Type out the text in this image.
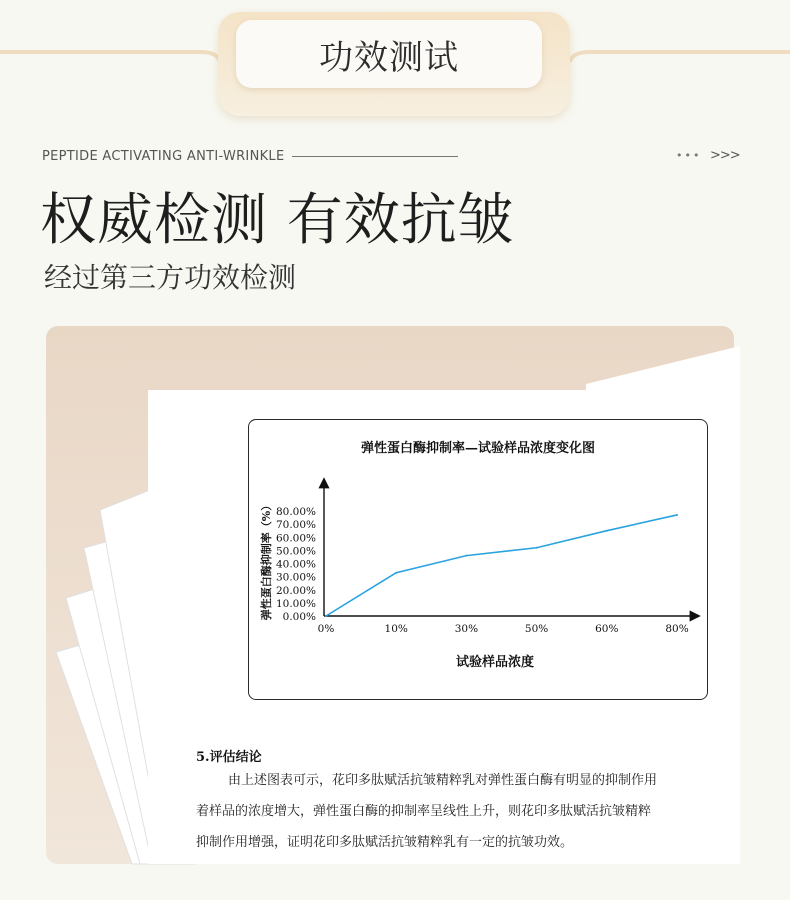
功效测试
PEPTIDE ACTIVATING ANTI-WRINKLE	••• >>>
权威检测 有效抗皱
经过第三方功效检测
弹性蛋白酶抑制率—试验样品浓度变化图
0.00%
10.00%
20.00%
30.00%
40.00%
50.00%
60.00%
70.00%
80.00%
0%	10%	30%	50%	60%	80%
弹性蛋白酶抑制率（%）
试验样品浓度
5.评估结论
由上述图表可示，花印多肽赋活抗皱精粹乳对弹性蛋白酶有明显的抑制作用
着样品的浓度增大，弹性蛋白酶的抑制率呈线性上升，则花印多肽赋活抗皱精粹
抑制作用增强，证明花印多肽赋活抗皱精粹乳有一定的抗皱功效。
